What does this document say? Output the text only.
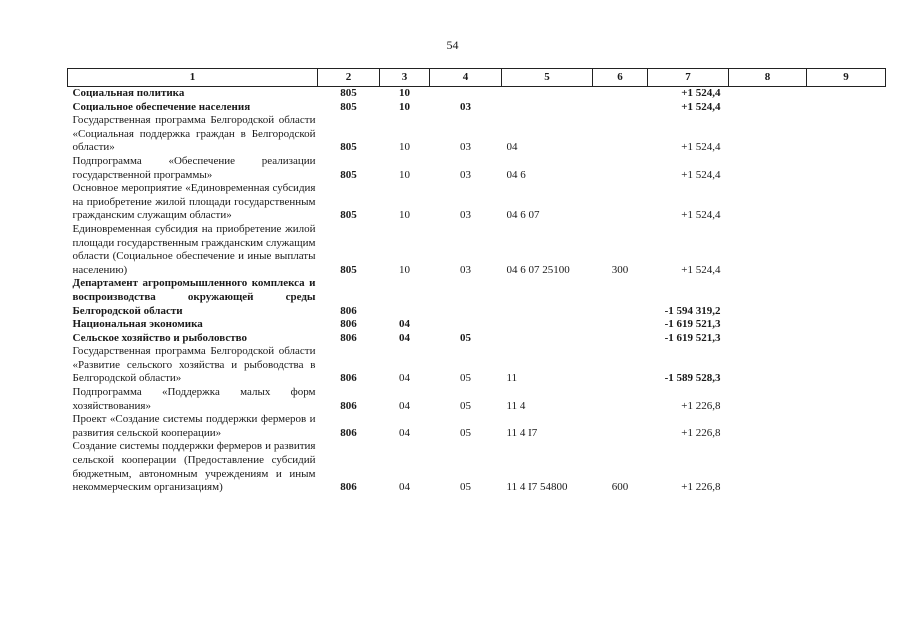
54
1	2	3	4	5	6	7	8	9
Социальная политика	805	10				+1 524,4		
Социальное обеспечение населения	805	10	03			+1 524,4		
Государственная программа Белгородской области «Социальная поддержка граждан в Белгородской области»	805	10	03	04		+1 524,4		
Подпрограмма «Обеспечение реализации государственной программы»	805	10	03	04 6		+1 524,4		
Основное мероприятие «Единовременная субсидия на приобретение жилой площади государственным гражданским служащим области»	805	10	03	04 6 07		+1 524,4		
Единовременная субсидия на приобретение жилой площади государственным гражданским служащим области (Социальное обеспечение и иные выплаты населению)	805	10	03	04 6 07 25100	300	+1 524,4		
Департамент агропромышленного комплекса и воспроизводства окружающей среды Белгородской области	806					-1 594 319,2		
Национальная экономика	806	04				-1 619 521,3		
Сельское хозяйство и рыболовство	806	04	05			-1 619 521,3		
Государственная программа Белгородской области «Развитие сельского хозяйства и рыбоводства в Белгородской области»	806	04	05	11		-1 589 528,3		
Подпрограмма «Поддержка малых форм хозяйствования»	806	04	05	11 4		+1 226,8		
Проект «Создание системы поддержки фермеров и развития сельской кооперации»	806	04	05	11 4 I7		+1 226,8		
Создание системы поддержки фермеров и развития сельской кооперации (Предоставление субсидий бюджетным, автономным учреждениям и иным некоммерческим организациям)	806	04	05	11 4 I7 54800	600	+1 226,8		
